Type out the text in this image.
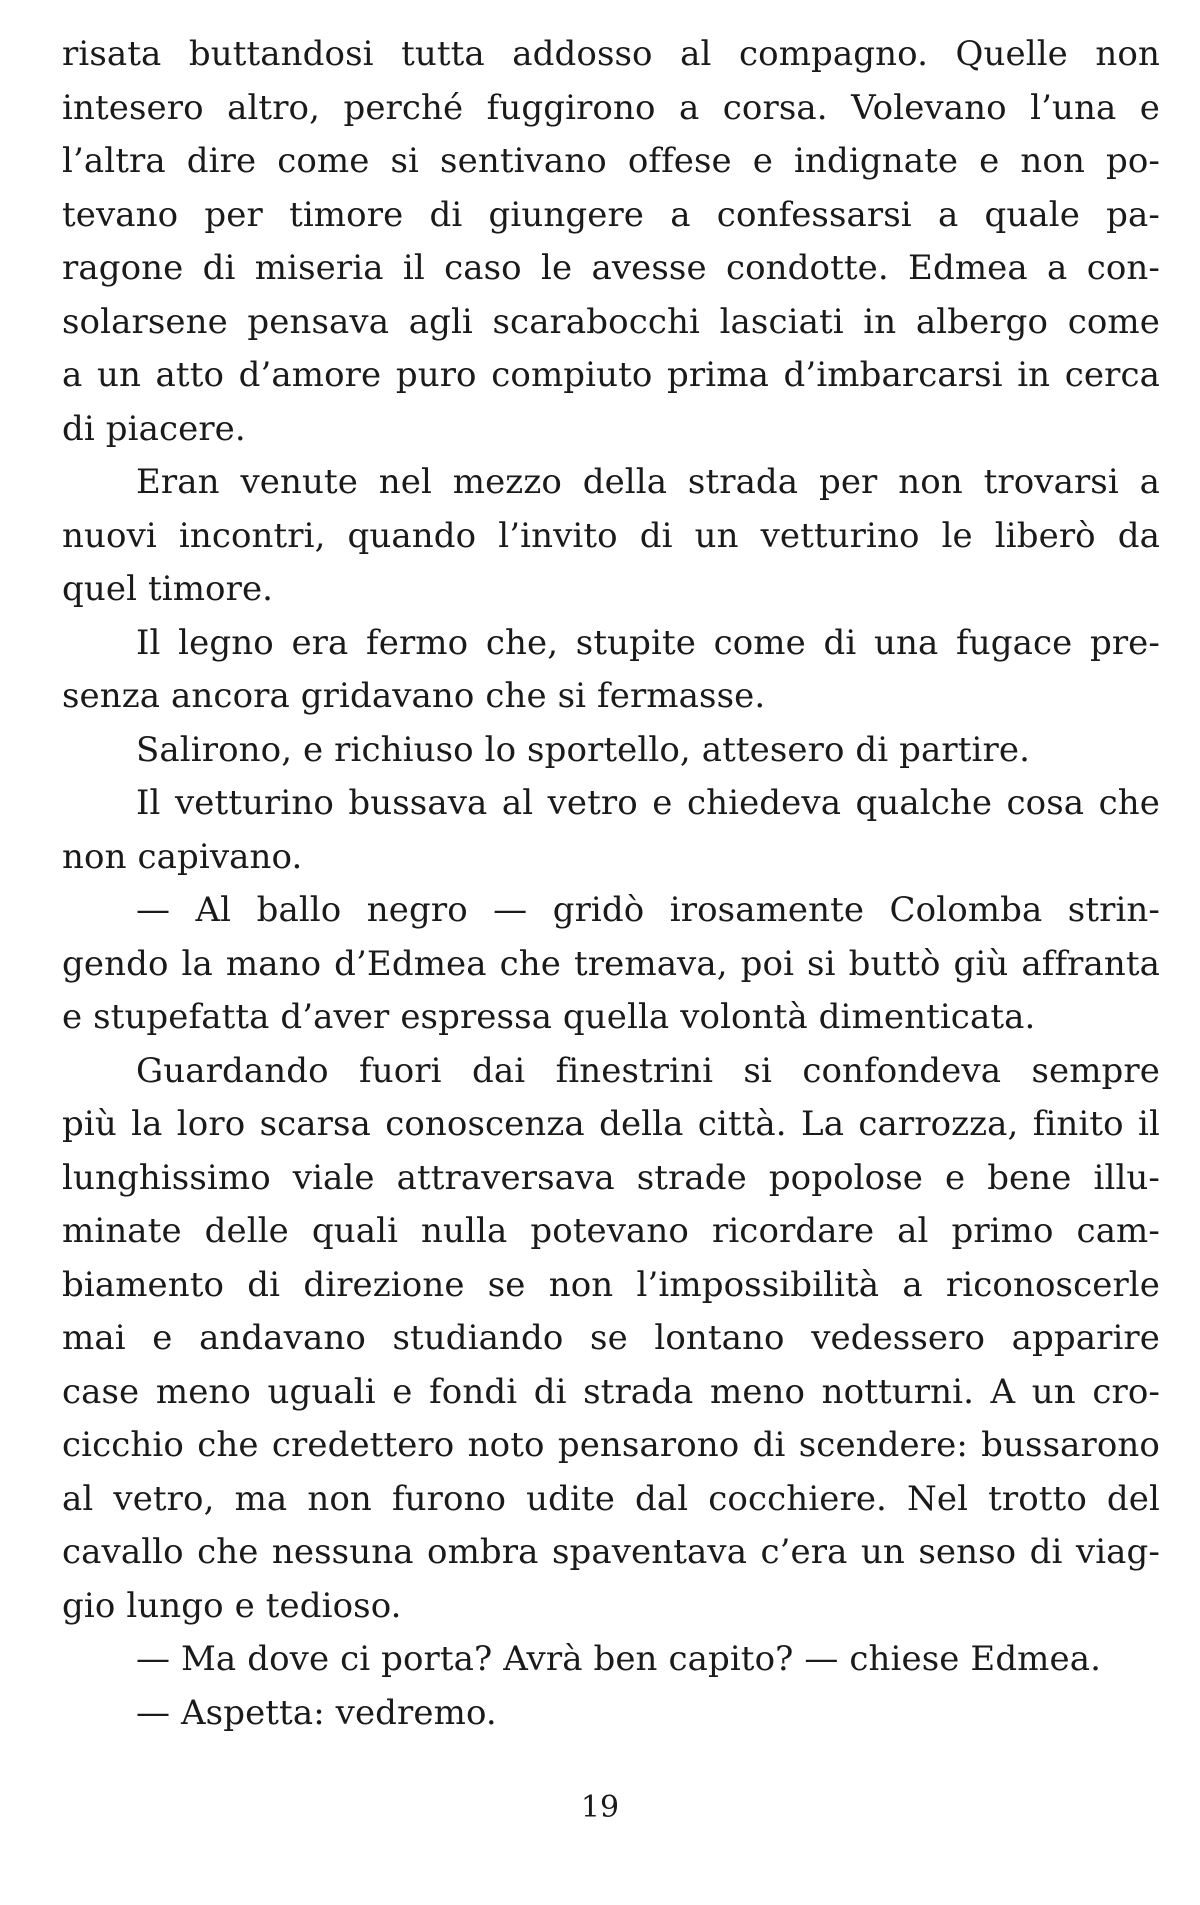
risata buttandosi tutta addosso al compagno. Quelle non
intesero altro, perché fuggirono a corsa. Volevano l’una e
l’altra dire come si sentivano offese e indignate e non po-
tevano per timore di giungere a confessarsi a quale pa-
ragone di miseria il caso le avesse condotte. Edmea a con-
solarsene pensava agli scarabocchi lasciati in albergo come
a un atto d’amore puro compiuto prima d’imbarcarsi in cerca
di piacere.
Eran venute nel mezzo della strada per non trovarsi a
nuovi incontri, quando l’invito di un vetturino le liberò da
quel timore.
Il legno era fermo che, stupite come di una fugace pre-
senza ancora gridavano che si fermasse.
Salirono, e richiuso lo sportello, attesero di partire.
Il vetturino bussava al vetro e chiedeva qualche cosa che
non capivano.
— Al ballo negro — gridò irosamente Colomba strin-
gendo la mano d’Edmea che tremava, poi si buttò giù affranta
e stupefatta d’aver espressa quella volontà dimenticata.
Guardando fuori dai finestrini si confondeva sempre
più la loro scarsa conoscenza della città. La carrozza, finito il
lunghissimo viale attraversava strade popolose e bene illu-
minate delle quali nulla potevano ricordare al primo cam-
biamento di direzione se non l’impossibilità a riconoscerle
mai e andavano studiando se lontano vedessero apparire
case meno uguali e fondi di strada meno notturni. A un cro-
cicchio che credettero noto pensarono di scendere: bussarono
al vetro, ma non furono udite dal cocchiere. Nel trotto del
cavallo che nessuna ombra spaventava c’era un senso di viag-
gio lungo e tedioso.
— Ma dove ci porta? Avrà ben capito? — chiese Edmea.
— Aspetta: vedremo.
19
